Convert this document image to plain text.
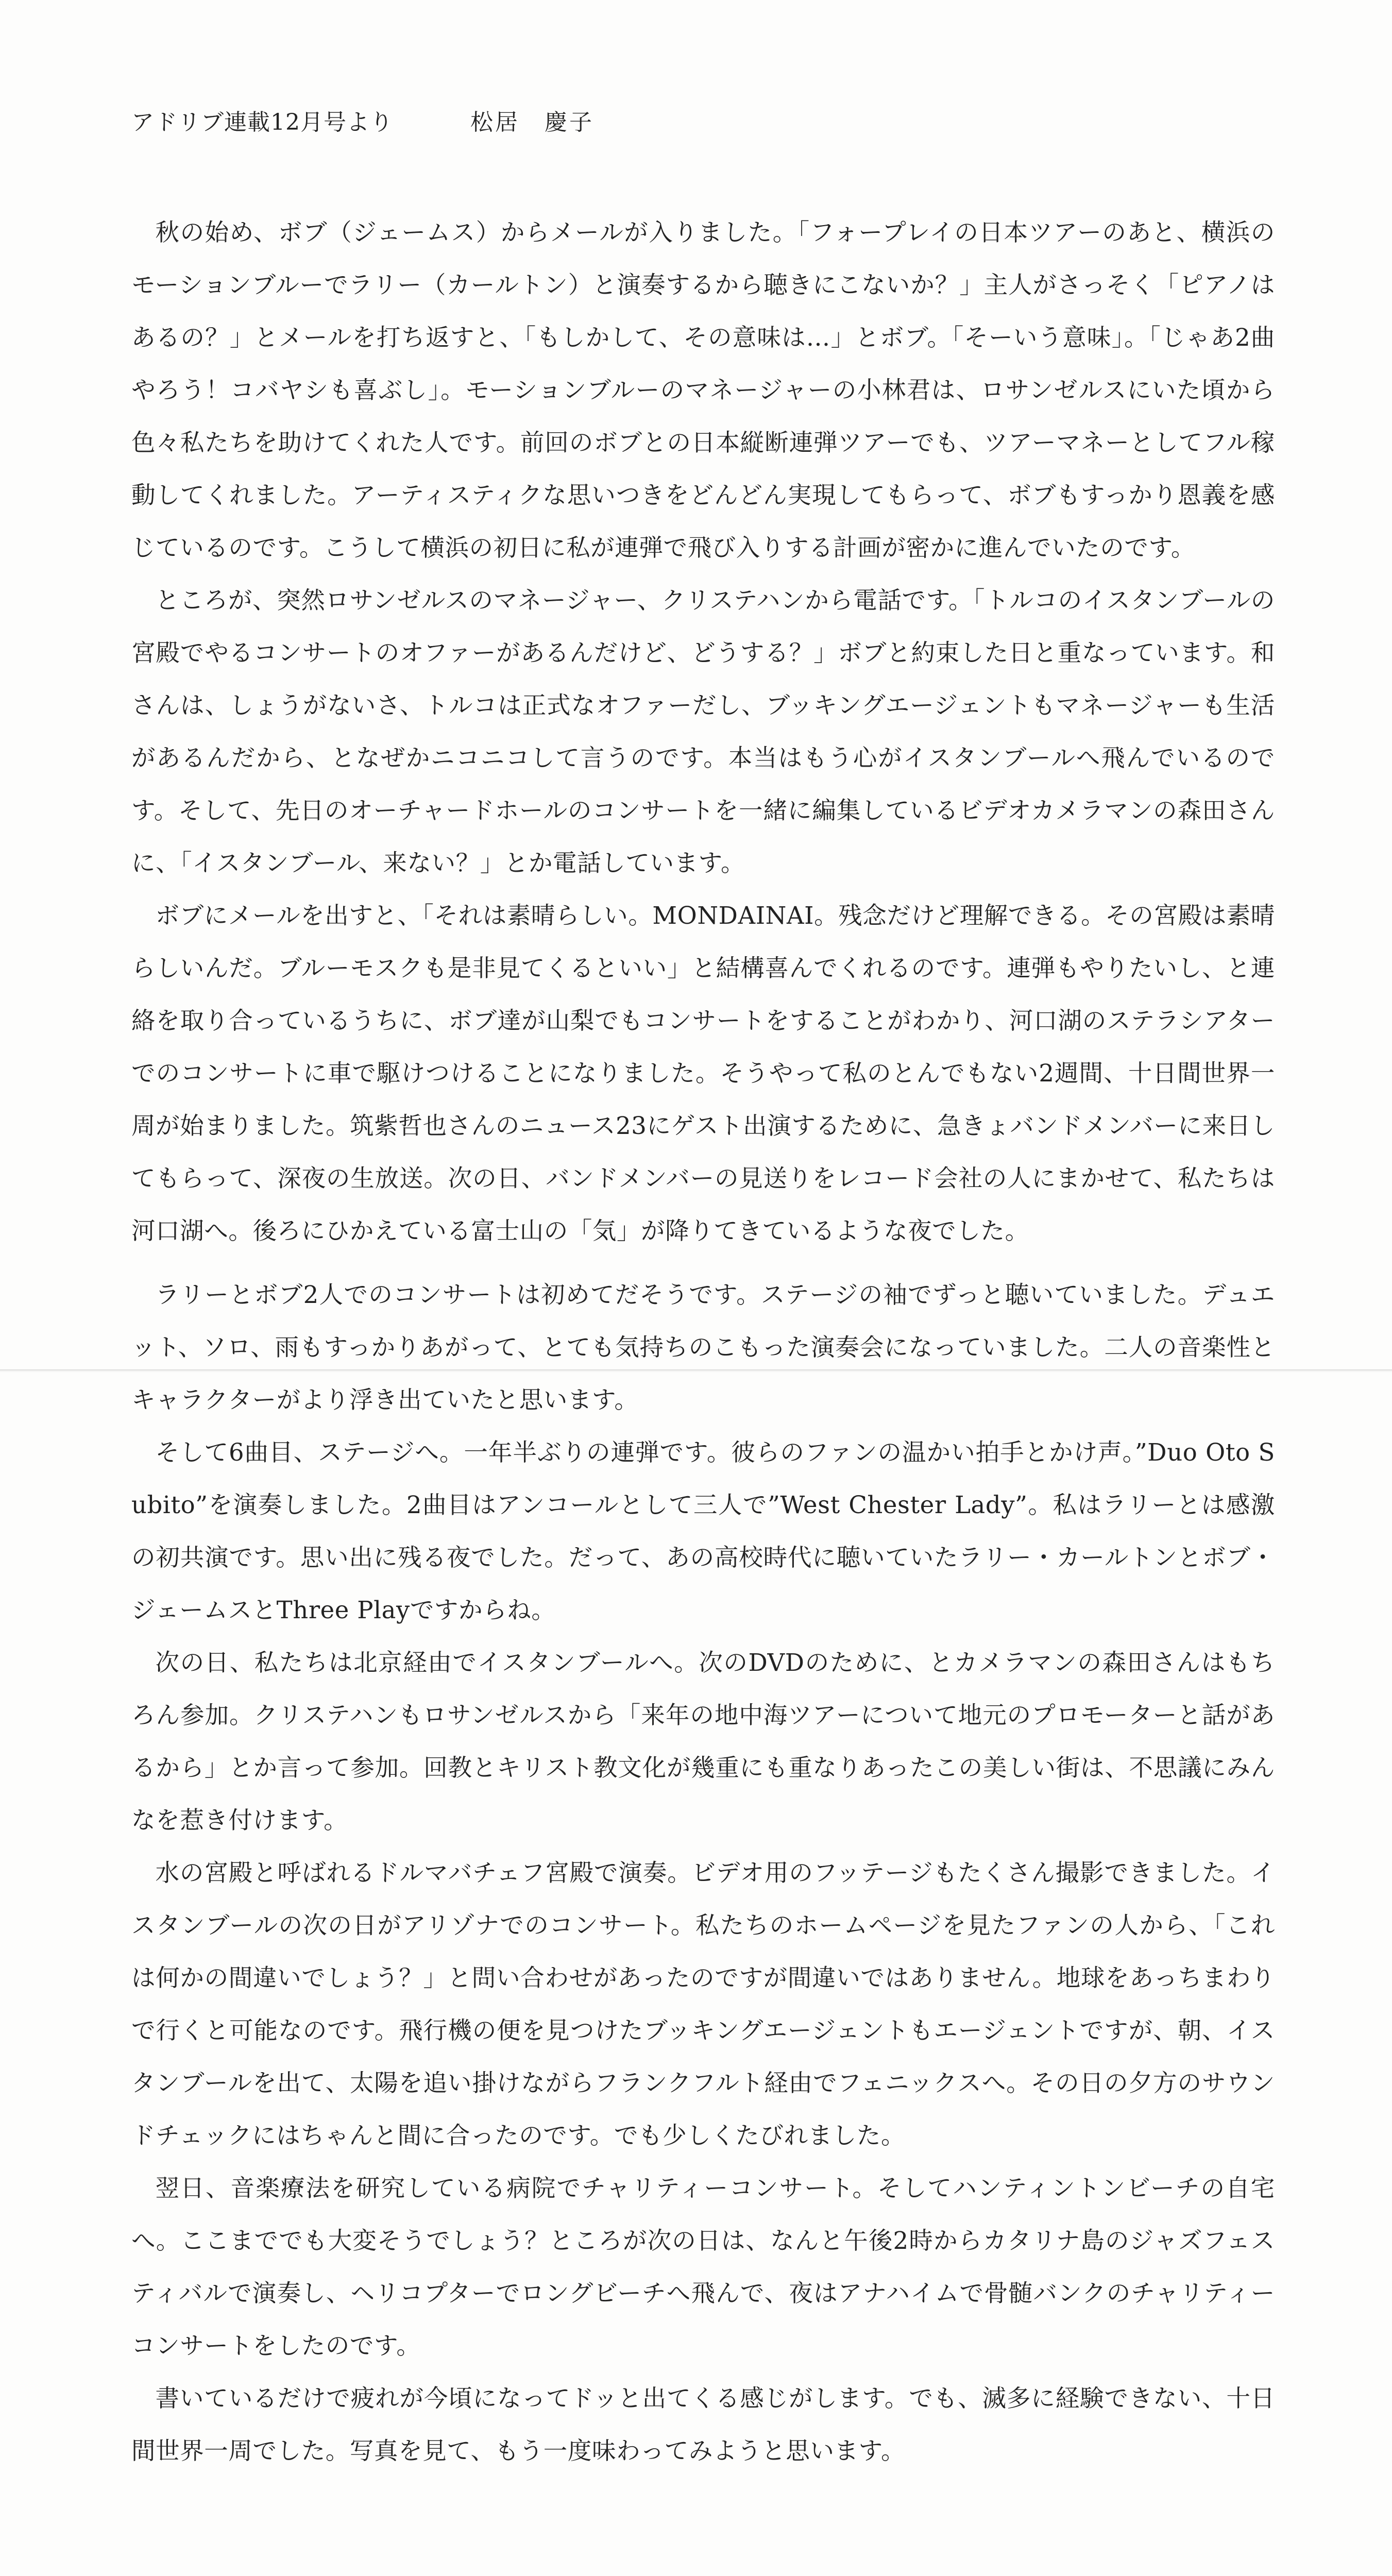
アドリブ連載12月号より	松居　慶子

秋の始め、ボブ（ジェームス）からメールが入りました。「フォープレイの日本ツアーのあと、横浜のモーションブルーでラリー（カールトン）と演奏するから聴きにこないか？」主人がさっそく「ピアノはあるの？」とメールを打ち返すと、「もしかして、その意味は…」とボブ。「そーいう意味」。「じゃあ2曲やろう！コバヤシも喜ぶし」。モーションブルーのマネージャーの小林君は、ロサンゼルスにいた頃から色々私たちを助けてくれた人です。前回のボブとの日本縦断連弾ツアーでも、ツアーマネーとしてフル稼動してくれました。アーティスティクな思いつきをどんどん実現してもらって、ボブもすっかり恩義を感じているのです。こうして横浜の初日に私が連弾で飛び入りする計画が密かに進んでいたのです。

ところが、突然ロサンゼルスのマネージャー、クリステハンから電話です。「トルコのイスタンブールの宮殿でやるコンサートのオファーがあるんだけど、どうする？」ボブと約束した日と重なっています。和さんは、しょうがないさ、トルコは正式なオファーだし、ブッキングエージェントもマネージャーも生活があるんだから、となぜかニコニコして言うのです。本当はもう心がイスタンブールへ飛んでいるのです。そして、先日のオーチャードホールのコンサートを一緒に編集しているビデオカメラマンの森田さんに、「イスタンブール、来ない？」とか電話しています。

ボブにメールを出すと、「それは素晴らしい。MONDAINAI。残念だけど理解できる。その宮殿は素晴らしいんだ。ブルーモスクも是非見てくるといい」と結構喜んでくれるのです。連弾もやりたいし、と連絡を取り合っているうちに、ボブ達が山梨でもコンサートをすることがわかり、河口湖のステラシアターでのコンサートに車で駆けつけることになりました。そうやって私のとんでもない2週間、十日間世界一周が始まりました。筑紫哲也さんのニュース23にゲスト出演するために、急きょバンドメンバーに来日してもらって、深夜の生放送。次の日、バンドメンバーの見送りをレコード会社の人にまかせて、私たちは河口湖へ。後ろにひかえている富士山の「気」が降りてきているような夜でした。

ラリーとボブ2人でのコンサートは初めてだそうです。ステージの袖でずっと聴いていました。デュエット、ソロ、雨もすっかりあがって、とても気持ちのこもった演奏会になっていました。二人の音楽性とキャラクターがより浮き出ていたと思います。

そして6曲目、ステージへ。一年半ぶりの連弾です。彼らのファンの温かい拍手とかけ声。”Duo Oto Subito”を演奏しました。2曲目はアンコールとして三人で”West Chester Lady”。私はラリーとは感激の初共演です。思い出に残る夜でした。だって、あの高校時代に聴いていたラリー・カールトンとボブ・ジェームスとThree Playですからね。

次の日、私たちは北京経由でイスタンブールへ。次のDVDのために、とカメラマンの森田さんはもちろん参加。クリステハンもロサンゼルスから「来年の地中海ツアーについて地元のプロモーターと話があるから」とか言って参加。回教とキリスト教文化が幾重にも重なりあったこの美しい街は、不思議にみんなを惹き付けます。

水の宮殿と呼ばれるドルマバチェフ宮殿で演奏。ビデオ用のフッテージもたくさん撮影できました。イスタンブールの次の日がアリゾナでのコンサート。私たちのホームページを見たファンの人から、「これは何かの間違いでしょう？」と問い合わせがあったのですが間違いではありません。地球をあっちまわりで行くと可能なのです。飛行機の便を見つけたブッキングエージェントもエージェントですが、朝、イスタンブールを出て、太陽を追い掛けながらフランクフルト経由でフェニックスへ。その日の夕方のサウンドチェックにはちゃんと間に合ったのです。でも少しくたびれました。

翌日、音楽療法を研究している病院でチャリティーコンサート。そしてハンティントンビーチの自宅へ。ここまででも大変そうでしょう？ところが次の日は、なんと午後2時からカタリナ島のジャズフェスティバルで演奏し、ヘリコプターでロングビーチへ飛んで、夜はアナハイムで骨髄バンクのチャリティーコンサートをしたのです。

書いているだけで疲れが今頃になってドッと出てくる感じがします。でも、滅多に経験できない、十日間世界一周でした。写真を見て、もう一度味わってみようと思います。
